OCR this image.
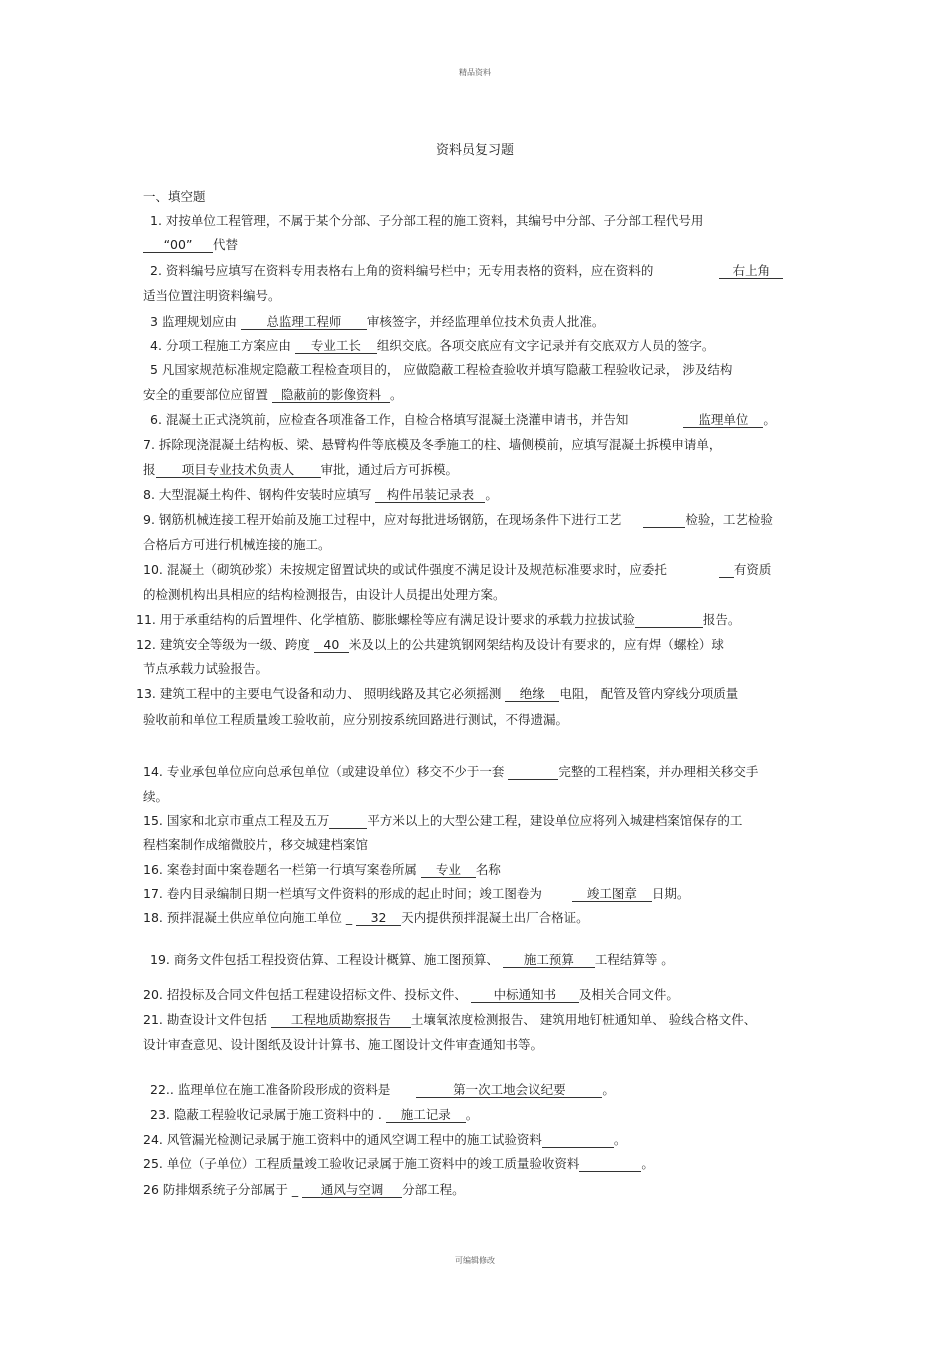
精品资料
资料员复习题
一、填空题
1. 对按单位工程管理，不属于某个分部、子分部工程的施工资料，其编号中分部、子分部工程代号用
“00” 代替
2. 资料编号应填写在资料专用表格右上角的资料编号栏中；无专用表格的资料，应在资料的	右上角
适当位置注明资料编号。
3 监理规划应由 总监理工程师 审核签字，并经监理单位技术负责人批准。
4. 分项工程施工方案应由 专业工长 组织交底。各项交底应有文字记录并有交底双方人员的签字。
5 凡国家规范标准规定隐蔽工程检查项目的， 应做隐蔽工程检查验收并填写隐蔽工程验收记录， 涉及结构
安全的重要部位应留置 隐蔽前的影像资料 。
6. 混凝土正式浇筑前，应检查各项准备工作，自检合格填写混凝土浇灌申请书，并告知	监理单位 。
7. 拆除现浇混凝土结构板、梁、悬臂构件等底模及冬季施工的柱、墙侧模前，应填写混凝土拆模申请单，
报 项目专业技术负责人 审批，通过后方可拆模。
8. 大型混凝土构件、钢构件安装时应填写 构件吊装记录表 。
9. 钢筋机械连接工程开始前及施工过程中，应对每批进场钢筋，在现场条件下进行工艺	检验，工艺检验
合格后方可进行机械连接的施工。
10. 混凝土（砌筑砂浆）未按规定留置试块的或试件强度不满足设计及规范标准要求时，应委托	有资质
的检测机构出具相应的结构检测报告，由设计人员提出处理方案。
11. 用于承重结构的后置埋件、化学植筋、膨胀螺栓等应有满足设计要求的承载力拉拔试验	报告。
12. 建筑安全等级为一级、跨度 40 米及以上的公共建筑钢网架结构及设计有要求的，应有焊（螺栓）球
节点承载力试验报告。
13. 建筑工程中的主要电气设备和动力、 照明线路及其它必须摇测 绝缘 电阻， 配管及管内穿线分项质量
验收前和单位工程质量竣工验收前，应分别按系统回路进行测试，不得遗漏。
14. 专业承包单位应向总承包单位（或建设单位）移交不少于一套	完整的工程档案，并办理相关移交手
续。
15. 国家和北京市重点工程及五万	平方米以上的大型公建工程，建设单位应将列入城建档案馆保存的工
程档案制作成缩微胶片，移交城建档案馆
16. 案卷封面中案卷题名一栏第一行填写案卷所属 专业 名称
17. 卷内目录编制日期一栏填写文件资料的形成的起止时间；竣工图卷为	竣工图章 日期。
18. 预拌混凝土供应单位向施工单位 _ 32 天内提供预拌混凝土出厂合格证。
19. 商务文件包括工程投资估算、工程设计概算、施工图预算、 施工预算 工程结算等 。
20. 招投标及合同文件包括工程建设招标文件、投标文件、 中标通知书 及相关合同文件。
21. 勘查设计文件包括 工程地质勘察报告 土壤氧浓度检测报告、 建筑用地钉桩通知单、 验线合格文件、
设计审查意见、设计图纸及设计计算书、施工图设计文件审查通知书等。
22.. 监理单位在施工准备阶段形成的资料是	第一次工地会议纪要	。
23. 隐蔽工程验收记录属于施工资料中的 . 施工记录 。
24. 风管漏光检测记录属于施工资料中的通风空调工程中的施工试验资料	。
25. 单位（子单位）工程质量竣工验收记录属于施工资料中的竣工质量验收资料	。
26 防排烟系统子分部属于 _ 通风与空调 分部工程。
可编辑修改
